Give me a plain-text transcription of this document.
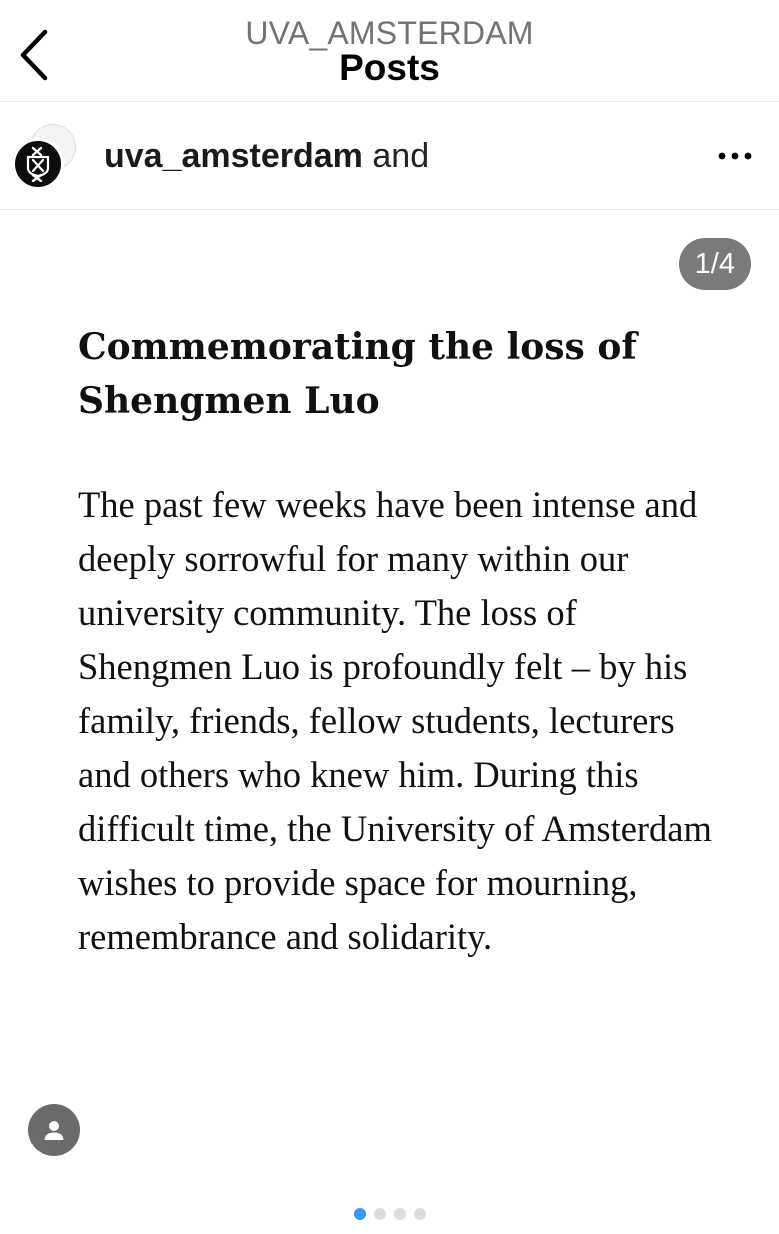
UVA_AMSTERDAM
Posts
uva_amsterdam and
1/4
Commemorating the loss of Shengmen Luo

The past few weeks have been intense and deeply sorrowful for many within our university community. The loss of Shengmen Luo is profoundly felt – by his family, friends, fellow students, lecturers and others who knew him. During this difficult time, the University of Amsterdam wishes to provide space for mourning, remembrance and solidarity.
